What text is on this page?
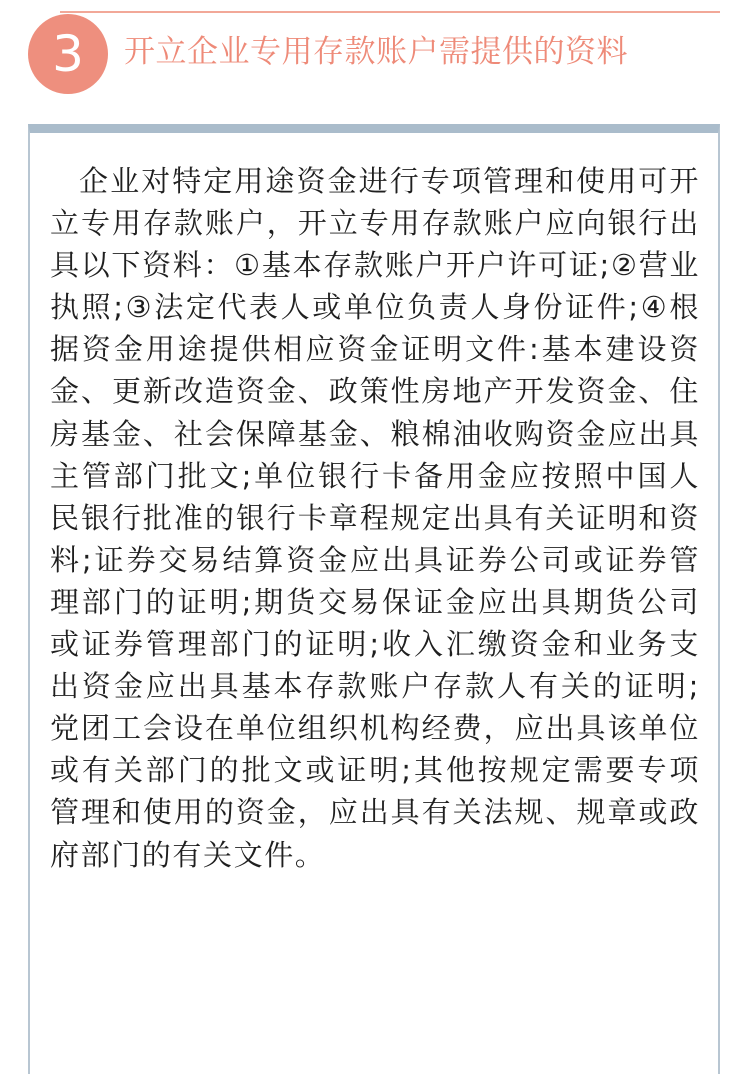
3	开立企业专用存款账户需提供的资料

企业对特定用途资金进行专项管理和使用可开立专用存款账户，开立专用存款账户应向银行出具以下资料：①基本存款账户开户许可证;②营业执照;③法定代表人或单位负责人身份证件;④根据资金用途提供相应资金证明文件:基本建设资金、更新改造资金、政策性房地产开发资金、住房基金、社会保障基金、粮棉油收购资金应出具主管部门批文;单位银行卡备用金应按照中国人民银行批准的银行卡章程规定出具有关证明和资料;证券交易结算资金应出具证券公司或证券管理部门的证明;期货交易保证金应出具期货公司或证券管理部门的证明;收入汇缴资金和业务支出资金应出具基本存款账户存款人有关的证明;党团工会设在单位组织机构经费，应出具该单位或有关部门的批文或证明;其他按规定需要专项管理和使用的资金，应出具有关法规、规章或政府部门的有关文件。
